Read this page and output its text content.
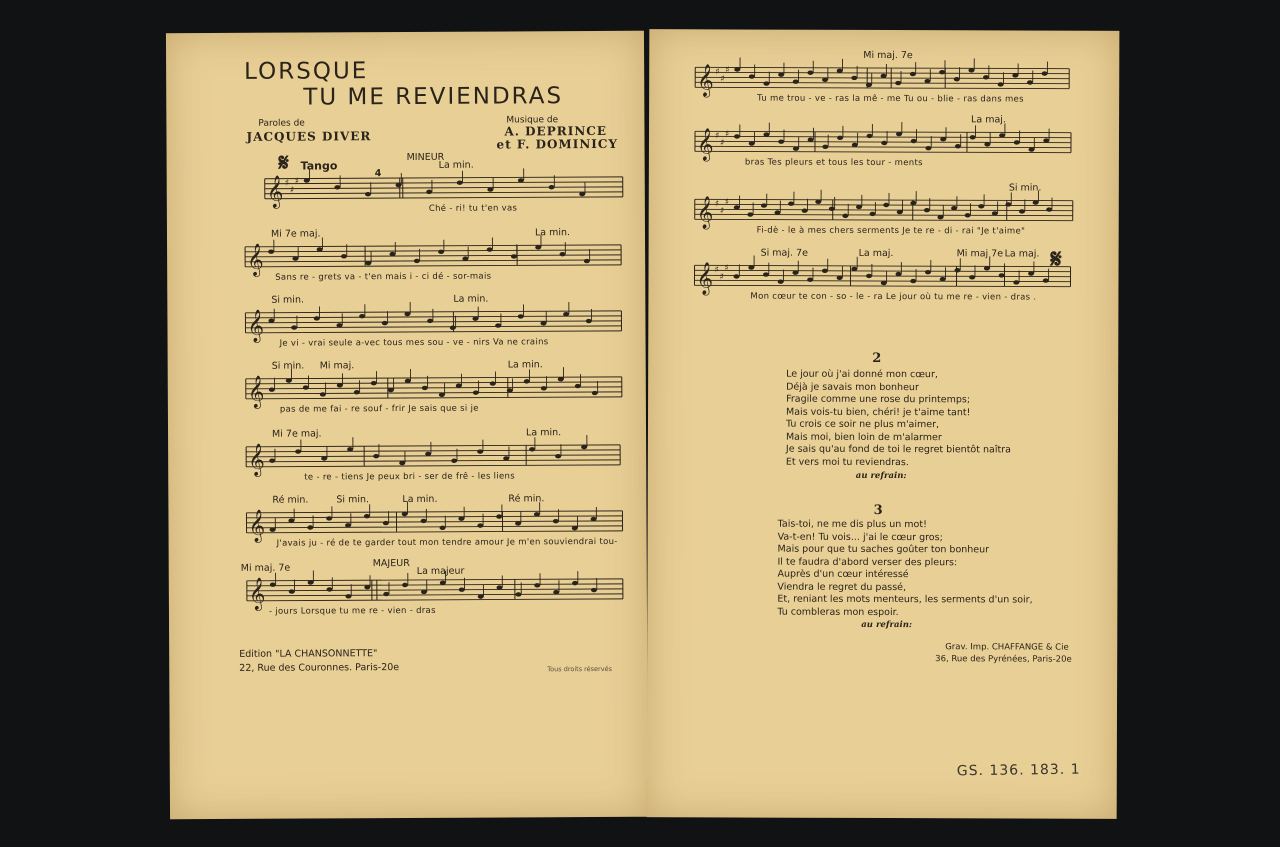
LORSQUE
TU ME REVIENDRAS
Paroles de
JACQUES DIVER
Musique de
A. DEPRINCE
et F. DOMINICY
𝄋 Tango
𝄞 ♯
♯
♯
MINEUR
La min.
4
Ché - ri! tu t'en vas
𝄞
Mi 7e maj.	La min.
Sans re - grets va - t'en mais i - ci dé - sor-mais
𝄞
Si min.	La min.
Je vi - vrai seule a-vec tous mes sou - ve - nirs Va ne crains
𝄞
Si min. Mi maj.	La min.
pas de me fai - re souf - frir Je sais que si je
𝄞
Mi 7e maj.	La min.
te - re - tiens Je peux bri - ser de frê - les liens
𝄞
Ré min.	Si min.	La min.	Ré min.
J'avais ju - ré de te garder tout mon tendre amour Je m'en souviendrai tou-
𝄞
Mi maj. 7e	MAJEUR
La majeur
- jours Lorsque tu me re - vien - dras
Edition "LA CHANSONNETTE"
22, Rue des Couronnes. Paris-20e	Tous droits réservés
𝄞 ♯
♯
♯
Mi maj. 7e
Tu me trou - ve - ras la mê - me Tu ou - blie - ras dans mes
𝄞 ♯
♯
♯
La maj.
bras Tes pleurs et tous les tour - ments
𝄞 ♯
♯
♯
Si min.
Fi-dè - le à mes chers serments Je te re - di - rai "Je t'aime"
𝄞 ♯
♯
♯
Si maj. 7e	La maj.	Mi maj 7e La maj.
Mon cœur te con - so - le - ra Le jour où tu me re - vien - dras .
𝄋
2
Le jour où j'ai donné mon cœur,
Déjà je savais mon bonheur
Fragile comme une rose du printemps;
Mais vois-tu bien, chéri! je t'aime tant!
Tu crois ce soir ne plus m'aimer,
Mais moi, bien loin de m'alarmer
Je sais qu'au fond de toi le regret bientôt naîtra
Et vers moi tu reviendras.
au refrain:
3
Tais-toi, ne me dis plus un mot!
Va-t-en! Tu vois... j'ai le cœur gros;
Mais pour que tu saches goûter ton bonheur
Il te faudra d'abord verser des pleurs:
Auprès d'un cœur intéressé
Viendra le regret du passé,
Et, reniant les mots menteurs, les serments d'un soir,
Tu combleras mon espoir.
au refrain:
Grav. Imp. CHAFFANGE & Cie
36, Rue des Pyrénées, Paris-20e
GS. 136. 183. 1
